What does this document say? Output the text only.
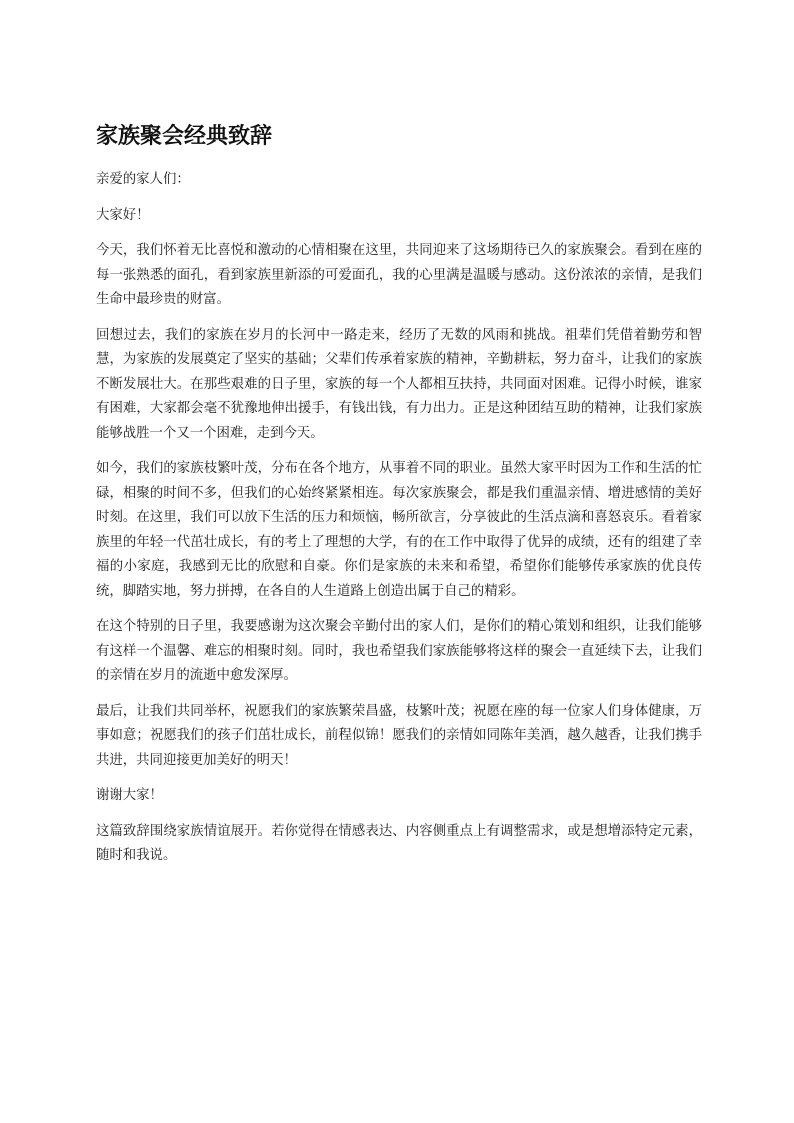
家族聚会经典致辞

亲爱的家人们：

大家好！

今天，我们怀着无比喜悦和激动的心情相聚在这里，共同迎来了这场期待已久的家族聚会。看到在座的每一张熟悉的面孔，看到家族里新添的可爱面孔，我的心里满是温暖与感动。这份浓浓的亲情，是我们生命中最珍贵的财富。

回想过去，我们的家族在岁月的长河中一路走来，经历了无数的风雨和挑战。祖辈们凭借着勤劳和智慧，为家族的发展奠定了坚实的基础；父辈们传承着家族的精神，辛勤耕耘，努力奋斗，让我们的家族不断发展壮大。在那些艰难的日子里，家族的每一个人都相互扶持，共同面对困难。记得小时候，谁家有困难，大家都会毫不犹豫地伸出援手，有钱出钱，有力出力。正是这种团结互助的精神，让我们家族能够战胜一个又一个困难，走到今天。

如今，我们的家族枝繁叶茂，分布在各个地方，从事着不同的职业。虽然大家平时因为工作和生活的忙碌，相聚的时间不多，但我们的心始终紧紧相连。每次家族聚会，都是我们重温亲情、增进感情的美好时刻。在这里，我们可以放下生活的压力和烦恼，畅所欲言，分享彼此的生活点滴和喜怒哀乐。看着家族里的年轻一代茁壮成长，有的考上了理想的大学，有的在工作中取得了优异的成绩，还有的组建了幸福的小家庭，我感到无比的欣慰和自豪。你们是家族的未来和希望，希望你们能够传承家族的优良传统，脚踏实地，努力拼搏，在各自的人生道路上创造出属于自己的精彩。

在这个特别的日子里，我要感谢为这次聚会辛勤付出的家人们，是你们的精心策划和组织，让我们能够有这样一个温馨、难忘的相聚时刻。同时，我也希望我们家族能够将这样的聚会一直延续下去，让我们的亲情在岁月的流逝中愈发深厚。

最后，让我们共同举杯，祝愿我们的家族繁荣昌盛，枝繁叶茂；祝愿在座的每一位家人们身体健康，万事如意；祝愿我们的孩子们茁壮成长，前程似锦！愿我们的亲情如同陈年美酒，越久越香，让我们携手共进，共同迎接更加美好的明天！

谢谢大家！

这篇致辞围绕家族情谊展开。若你觉得在情感表达、内容侧重点上有调整需求，或是想增添特定元素，随时和我说。
